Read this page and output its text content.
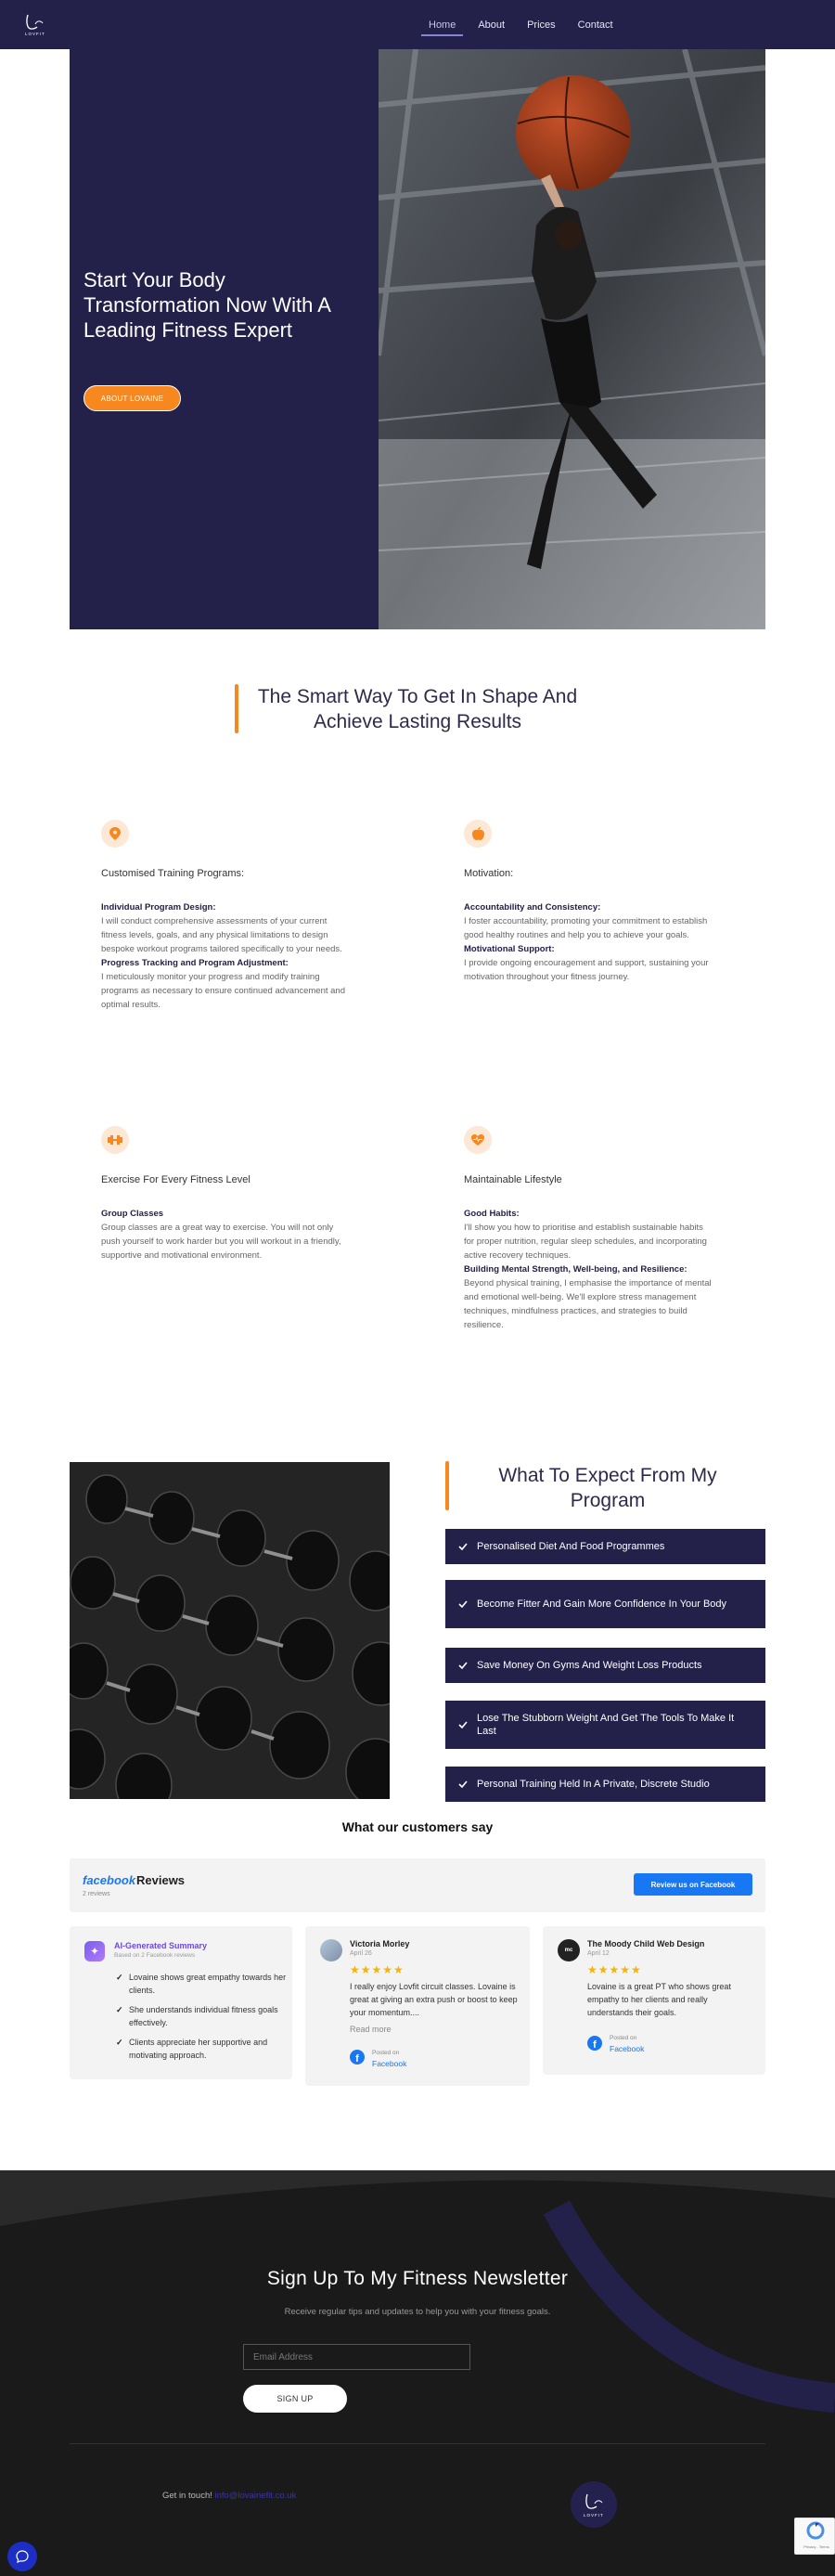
LOVFIT
Home	About	Prices	Contact
Start Your Body Transformation Now With A Leading Fitness Expert
ABOUT LOVAINE
The Smart Way To Get In Shape And Achieve Lasting Results
Customised Training Programs:
Individual Program Design:
I will conduct comprehensive assessments of your current fitness levels, goals, and any physical limitations to design bespoke workout programs tailored specifically to your needs.
Progress Tracking and Program Adjustment:
I meticulously monitor your progress and modify training programs as necessary to ensure continued advancement and optimal results.
Motivation:
Accountability and Consistency:
I foster accountability, promoting your commitment to establish good healthy routines and help you to achieve your goals.
Motivational Support:
I provide ongoing encouragement and support, sustaining your motivation throughout your fitness journey.
Exercise For Every Fitness Level
Group Classes
Group classes are a great way to exercise. You will not only push yourself to work harder but you will workout in a friendly, supportive and motivational environment.
Maintainable Lifestyle
Good Habits:
I'll show you how to prioritise and establish sustainable habits for proper nutrition, regular sleep schedules, and incorporating active recovery techniques.
Building Mental Strength, Well-being, and Resilience:
Beyond physical training, I emphasise the importance of mental and emotional well-being. We'll explore stress management techniques, mindfulness practices, and strategies to build resilience.
What To Expect From My Program
Personalised Diet And Food Programmes
Become Fitter And Gain More Confidence In Your Body
Save Money On Gyms And Weight Loss Products
Lose The Stubborn Weight And Get The Tools To Make It Last
Personal Training Held In A Private, Discrete Studio
What our customers say
facebook Reviews
2 reviews
Review us on Facebook
✦	AI-Generated Summary
Based on 2 Facebook reviews
✓ Lovaine shows great empathy towards her clients.
✓ She understands individual fitness goals effectively.
✓ Clients appreciate her supportive and motivating approach.
Victoria Morley
April 26
★★★★★
I really enjoy Lovfit circuit classes. Lovaine is great at giving an extra push or boost to keep your momentum....
Read more
f
Posted on
Facebook
mc
The Moody Child Web Design
April 12
★★★★★
Lovaine is a great PT who shows great empathy to her clients and really understands their goals.
f
Posted on
Facebook
Sign Up To My Fitness Newsletter

Receive regular tips and updates to help you with your fitness goals.

Email Address
SIGN UP
Get in touch! info@lovainefit.co.uk
LOVFIT
Privacy - Terms
